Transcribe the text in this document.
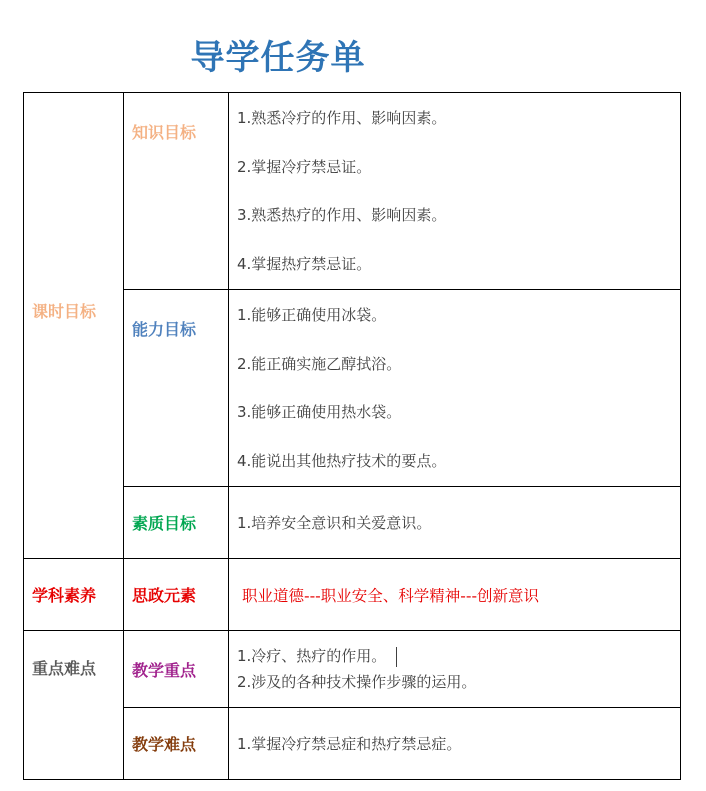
导学任务单
课时目标	知识目标	1.熟悉冷疗的作用、影响因素。
2.掌握冷疗禁忌证。
3.熟悉热疗的作用、影响因素。
4.掌握热疗禁忌证。

	能力目标	1.能够正确使用冰袋。
2.能正确实施乙醇拭浴。
3.能够正确使用热水袋。
4.能说出其他热疗技术的要点。

	素质目标	1.培养安全意识和关爱意识。

学科素养	思政元素	职业道德---职业安全、科学精神---创新意识
重点难点	教学重点	1.冷疗、热疗的作用。
2.涉及的各种技术操作步骤的运用。

	教学难点	1.掌握冷疗禁忌症和热疗禁忌症。
